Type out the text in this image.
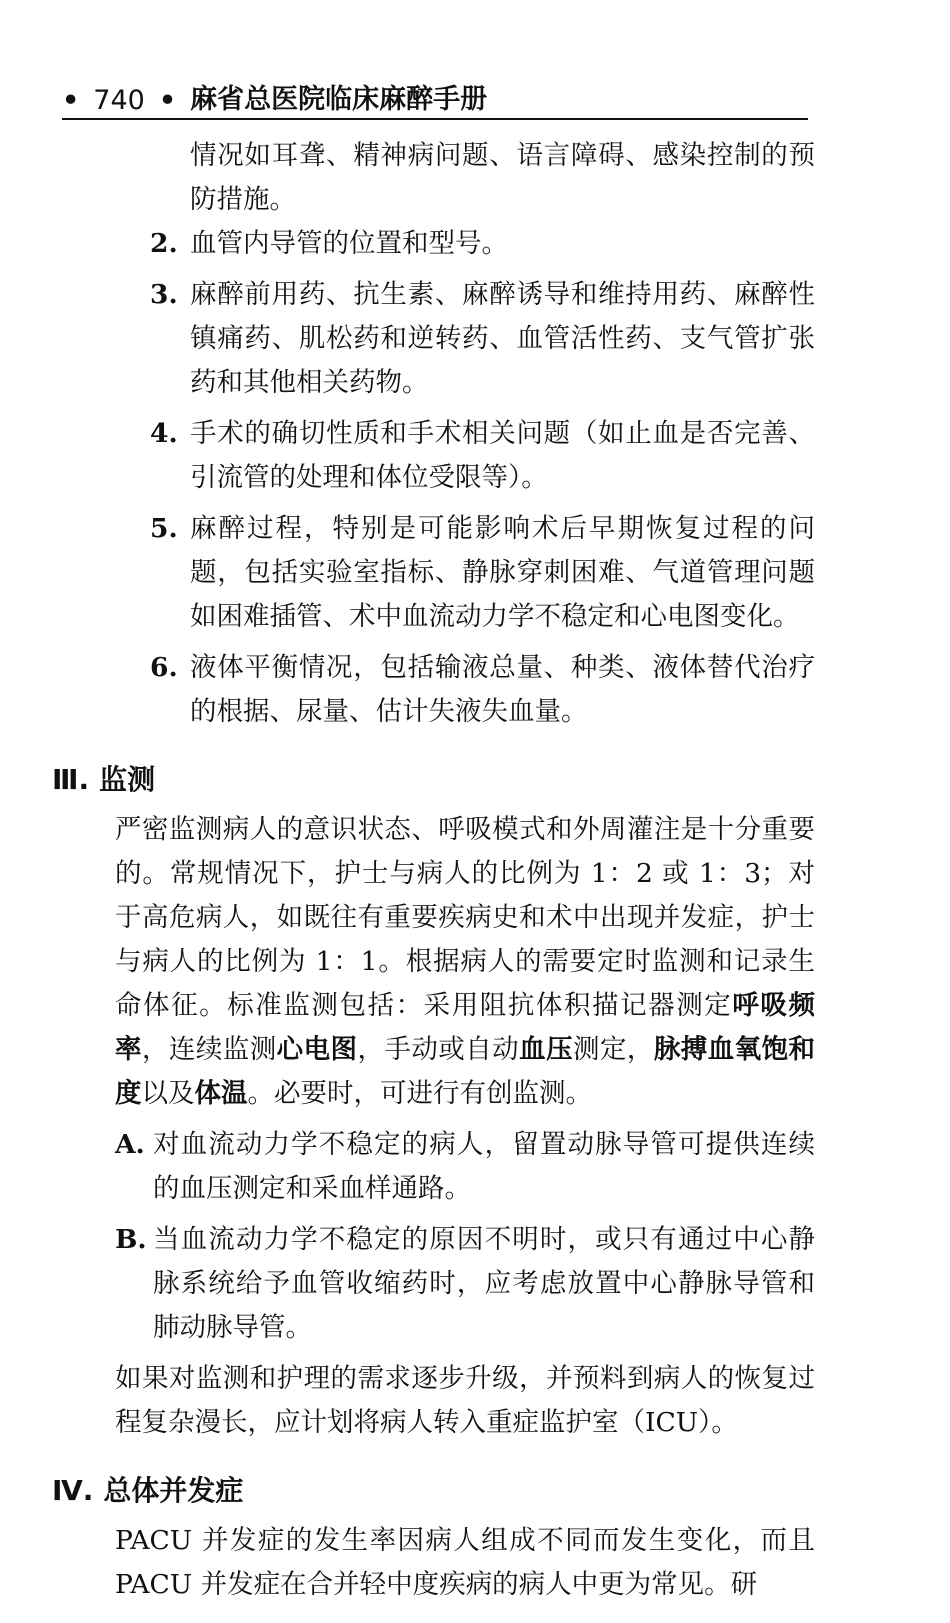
• 740 • 麻省总医院临床麻醉手册

情况如耳聋、精神病问题、语言障碍、感染控制的预防措施。

2. 血管内导管的位置和型号。
3. 麻醉前用药、抗生素、麻醉诱导和维持用药、麻醉性镇痛药、肌松药和逆转药、血管活性药、支气管扩张药和其他相关药物。
4. 手术的确切性质和手术相关问题（如止血是否完善、引流管的处理和体位受限等）。
5. 麻醉过程，特别是可能影响术后早期恢复过程的问题，包括实验室指标、静脉穿刺困难、气道管理问题如困难插管、术中血流动力学不稳定和心电图变化。
6. 液体平衡情况，包括输液总量、种类、液体替代治疗的根据、尿量、估计失液失血量。
Ⅲ. 监测

严密监测病人的意识状态、呼吸模式和外周灌注是十分重要的。常规情况下，护士与病人的比例为 1：2 或 1：3；对于高危病人，如既往有重要疾病史和术中出现并发症，护士与病人的比例为 1：1。根据病人的需要定时监测和记录生命体征。标准监测包括：采用阻抗体积描记器测定呼吸频率，连续监测心电图，手动或自动血压测定，脉搏血氧饱和度以及体温。必要时，可进行有创监测。

A. 对血流动力学不稳定的病人，留置动脉导管可提供连续的血压测定和采血样通路。
B. 当血流动力学不稳定的原因不明时，或只有通过中心静脉系统给予血管收缩药时，应考虑放置中心静脉导管和肺动脉导管。

如果对监测和护理的需求逐步升级，并预料到病人的恢复过程复杂漫长，应计划将病人转入重症监护室（ICU）。

Ⅳ. 总体并发症

PACU 并发症的发生率因病人组成不同而发生变化，而且 PACU 并发症在合并轻中度疾病的病人中更为常见。研
